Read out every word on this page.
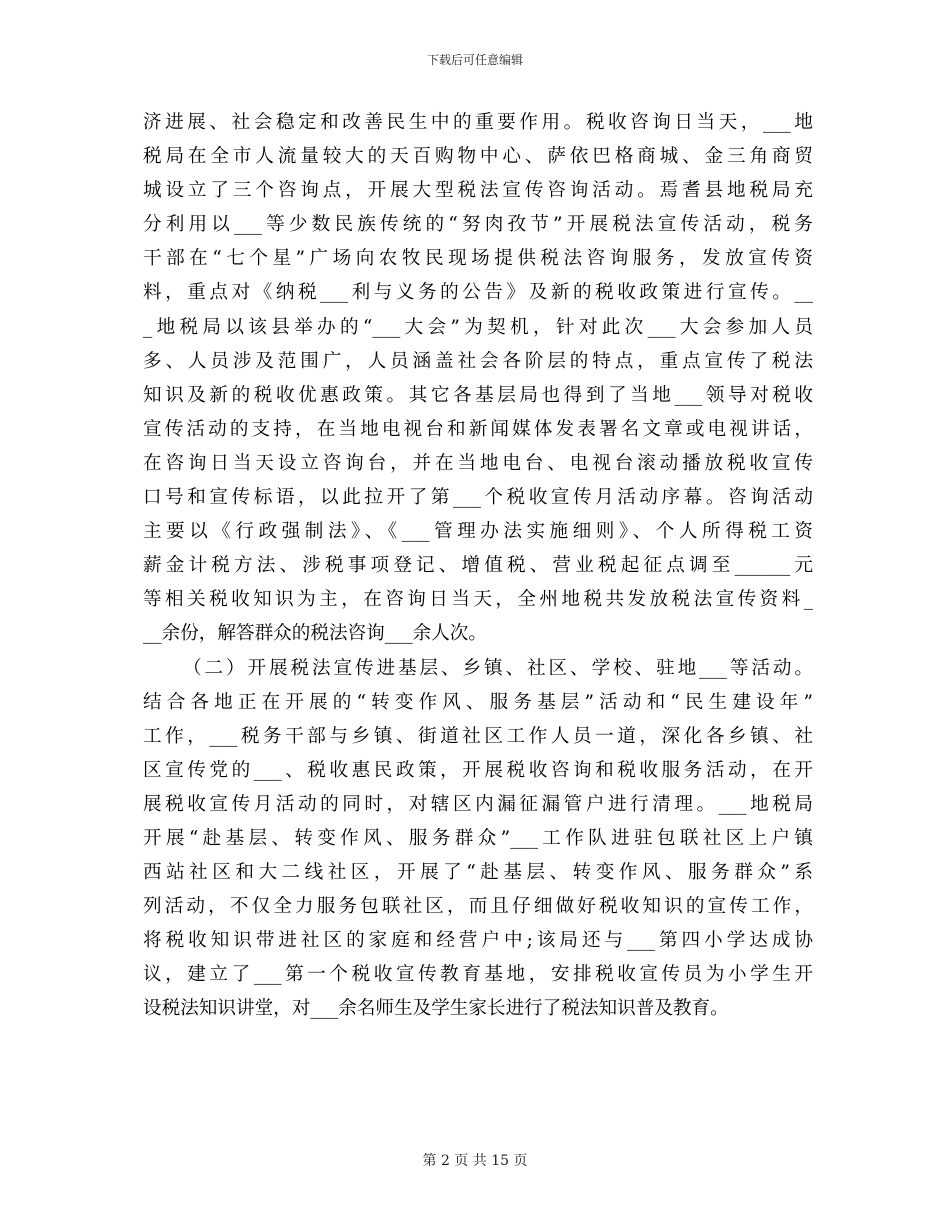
下载后可任意编辑
济进展、社会稳定和改善民生中的重要作用。税收咨询日当天，___地
税局在全市人流量较大的天百购物中心、萨依巴格商城、金三角商贸
城设立了三个咨询点，开展大型税法宣传咨询活动。焉耆县地税局充
分利用以___等少数民族传统的“努肉孜节”开展税法宣传活动，税务
干部在“七个星”广场向农牧民现场提供税法咨询服务，发放宣传资
料，重点对《纳税___利与义务的公告》及新的税收政策进行宣传。__
_地税局以该县举办的“___大会”为契机，针对此次___大会参加人员
多、人员涉及范围广，人员涵盖社会各阶层的特点，重点宣传了税法
知识及新的税收优惠政策。其它各基层局也得到了当地___领导对税收
宣传活动的支持，在当地电视台和新闻媒体发表署名文章或电视讲话，
在咨询日当天设立咨询台，并在当地电台、电视台滚动播放税收宣传
口号和宣传标语，以此拉开了第___个税收宣传月活动序幕。咨询活动
主要以《行政强制法》、《___管理办法实施细则》、个人所得税工资
薪金计税方法、涉税事项登记、增值税、营业税起征点调至______元
等相关税收知识为主，在咨询日当天，全州地税共发放税法宣传资料_
__余份，解答群众的税法咨询___余人次。
（二）开展税法宣传进基层、乡镇、社区、学校、驻地___等活动。
结合各地正在开展的“转变作风、服务基层”活动和“民生建设年”
工作，___税务干部与乡镇、街道社区工作人员一道，深化各乡镇、社
区宣传党的___、税收惠民政策，开展税收咨询和税收服务活动，在开
展税收宣传月活动的同时，对辖区内漏征漏管户进行清理。___地税局
开展“赴基层、转变作风、服务群众”___工作队进驻包联社区上户镇
西站社区和大二线社区，开展了“赴基层、转变作风、服务群众”系
列活动，不仅全力服务包联社区，而且仔细做好税收知识的宣传工作，
将税收知识带进社区的家庭和经营户中;该局还与___第四小学达成协
议，建立了___第一个税收宣传教育基地，安排税收宣传员为小学生开
设税法知识讲堂，对___余名师生及学生家长进行了税法知识普及教育。
第 2 页 共 15 页
